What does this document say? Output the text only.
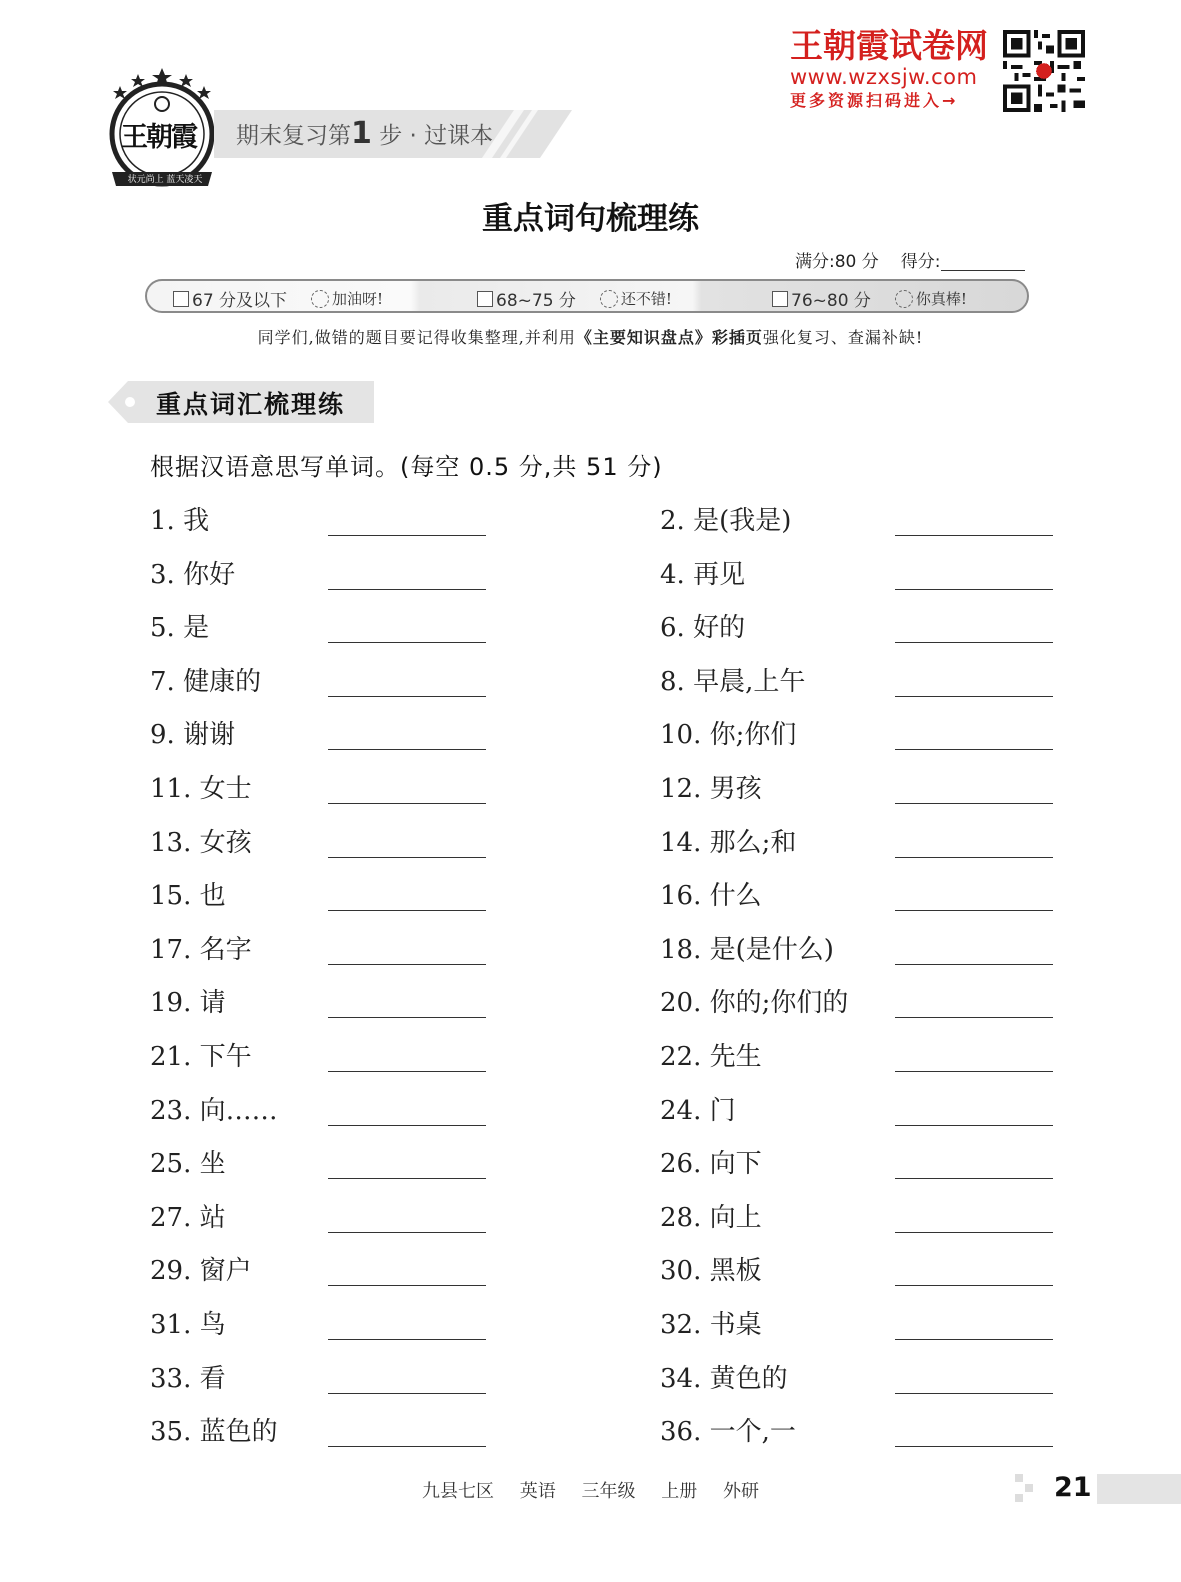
王朝霞
状元尚上 蓝天凌天
期末复习第1 步 · 过课本
王朝霞试卷网
www.wzxsjw.com
更多资源扫码进入→
重点词句梳理练
满分:80 分 得分:
67 分及以下	加油呀!	68~75 分	还不错!	76~80 分	你真棒!
同学们,做错的题目要记得收集整理,并利用《主要知识盘点》彩插页强化复习、查漏补缺!
重点词汇梳理练
根据汉语意思写单词。(每空 0.5 分,共 51 分)
1. 我	2. 是(我是)
3. 你好	4. 再见
5. 是	6. 好的
7. 健康的	8. 早晨,上午
9. 谢谢	10. 你;你们
11. 女士	12. 男孩
13. 女孩	14. 那么;和
15. 也	16. 什么
17. 名字	18. 是(是什么)
19. 请	20. 你的;你们的
21. 下午	22. 先生
23. 向……	24. 门
25. 坐	26. 向下
27. 站	28. 向上
29. 窗户	30. 黑板
31. 鸟	32. 书桌
33. 看	34. 黄色的
35. 蓝色的	36. 一个,一
九县七区 英语 三年级 上册 外研	21
